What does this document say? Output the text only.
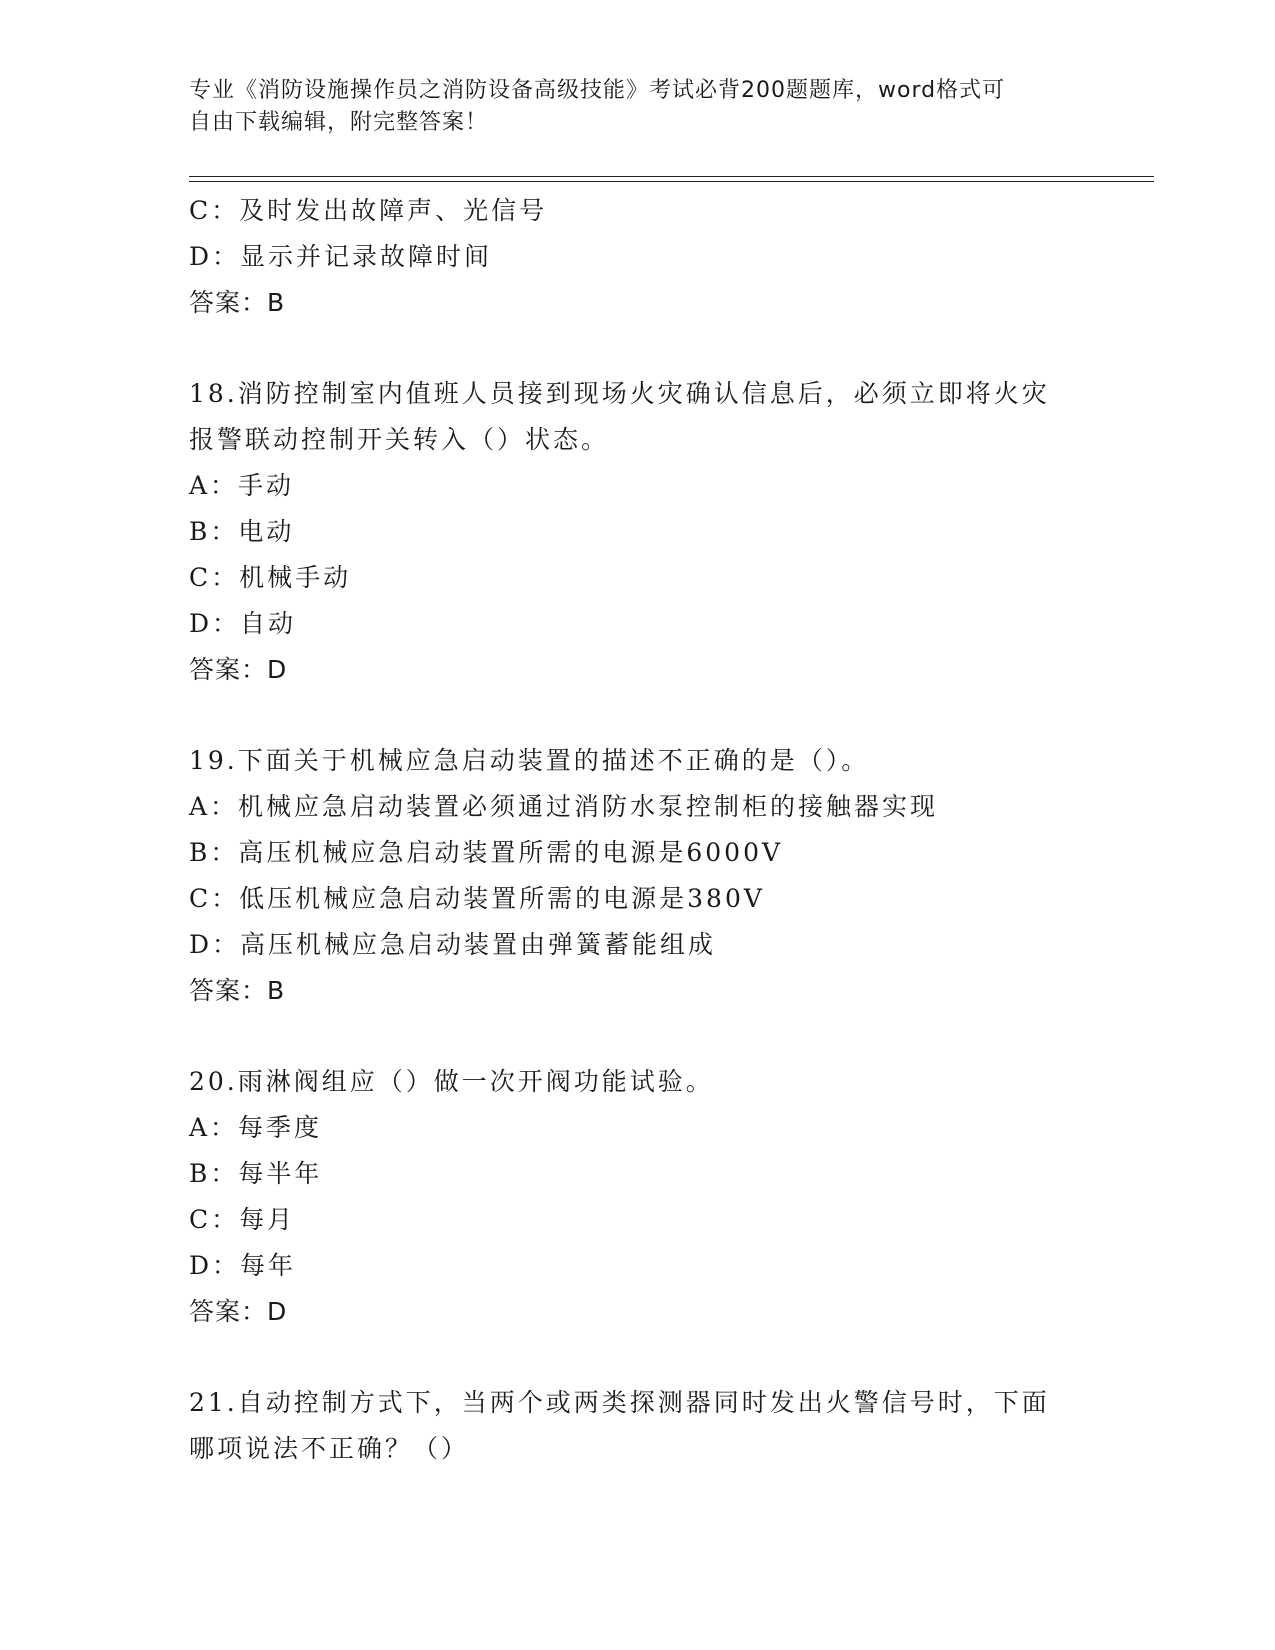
专业《消防设施操作员之消防设备高级技能》考试必背200题题库，word格式可
自由下载编辑，附完整答案！
C：及时发出故障声、光信号
D：显示并记录故障时间
答案：B
18.消防控制室内值班人员接到现场火灾确认信息后，必须立即将火灾
报警联动控制开关转入（）状态。
A：手动
B：电动
C：机械手动
D：自动
答案：D
19.下面关于机械应急启动装置的描述不正确的是（）。
A：机械应急启动装置必须通过消防水泵控制柜的接触器实现
B：高压机械应急启动装置所需的电源是6000V
C：低压机械应急启动装置所需的电源是380V
D：高压机械应急启动装置由弹簧蓄能组成
答案：B
20.雨淋阀组应（）做一次开阀功能试验。
A：每季度
B：每半年
C：每月
D：每年
答案：D
21.自动控制方式下，当两个或两类探测器同时发出火警信号时，下面
哪项说法不正确？（）
